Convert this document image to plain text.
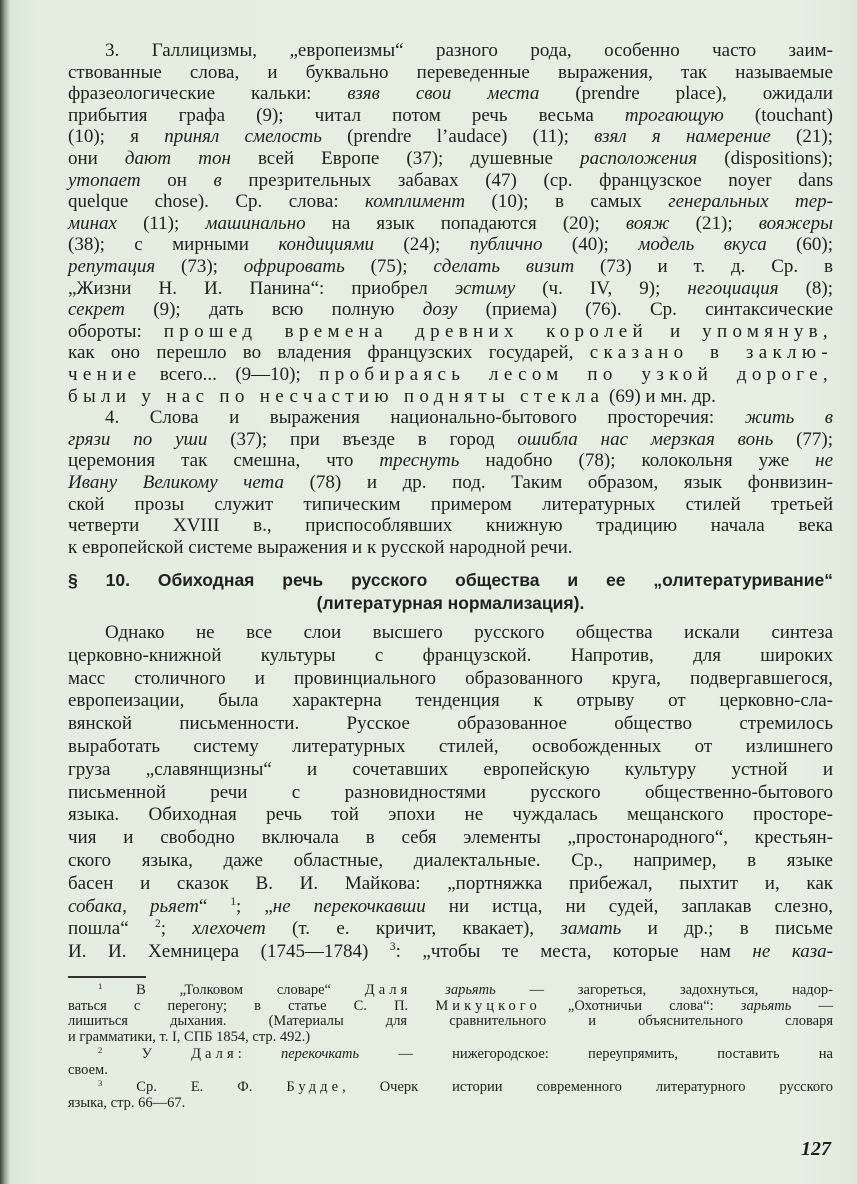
3. Галлицизмы, „европеизмы“ разного рода, особенно часто заим-
ствованные слова, и буквально переведенные выражения, так называемые
фразеологические кальки: взяв свои места (prendre place), ожидали
прибытия графа (9); читал потом речь весьма трогающую (touchant)
(10); я принял смелость (prendre l’audace) (11); взял я намерение (21);
они дают тон всей Европе (37); душевные расположения (dispositions);
утопает он в презрительных забавах (47) (ср. французское noyer dans
quelque chose). Ср. слова: комплимент (10); в самых генеральных тер-
минах (11); машинально на язык попадаются (20); вояж (21); вояжеры
(38); с мирными кондициями (24); публично (40); модель вкуса (60);
репутация (73); офрировать (75); сделать визит (73) и т. д. Ср. в
„Жизни Н. И. Панина“: приобрел эстиму (ч. IV, 9); негоциация (8);
секрет (9); дать всю полную дозу (приема) (76). Ср. синтаксические
обороты: прошед времена древних королей и упомянув,
как оно перешло во владения французских государей, сказано в заклю-
чение всего... (9—10); пробираясь лесом по узкой дороге,
были у нас по несчастию подняты стекла (69) и мн. др.
4. Слова и выражения национально-бытового просторечия: жить в
грязи по уши (37); при въезде в город ошибла нас мерзкая вонь (77);
церемония так смешна, что треснуть надобно (78); колокольня уже не
Ивану Великому чета (78) и др. под. Таким образом, язык фонвизин-
ской прозы служит типическим примером литературных стилей третьей
четверти XVIII в., приспособлявших книжную традицию начала века
к европейской системе выражения и к русской народной речи.
§ 10. Обиходная речь русского общества и ее „олитературивание“
(литературная нормализация).
Однако не все слои высшего русского общества искали синтеза
церковно-книжной культуры с французской. Напротив, для широких
масс столичного и провинциального образованного круга, подвергавшегося,
европеизации, была характерна тенденция к отрыву от церковно-сла-
вянской письменности. Русское образованное общество стремилось
выработать систему литературных стилей, освобожденных от излишнего
груза „славянщизны“ и сочетавших европейскую культуру устной и
письменной речи с разновидностями русского общественно-бытового
языка. Обиходная речь той эпохи не чуждалась мещанского просторе-
чия и свободно включала в себя элементы „простонародного“, крестьян-
ского языка, даже областные, диалектальные. Ср., например, в языке
басен и сказок В. И. Майкова: „портняжка прибежал, пыхтит и, как
собака, рьяет“ $^1$; „не перекочкавши ни истца, ни судей, заплакав слезно,
пошла“ $^2$; хлехочет (т. е. кричит, квакает), замать и др.; в письме
И. И. Хемницера (1745—1784) $^3$: „чтобы те места, которые нам не каза-
$^1$ В „Толковом словаре“ Даля зарьять — загореться, задохнуться, надор-
ваться с перегону; в статье С. П. Микуцкого „Охотничьи слова“: зарьять —
лишиться дыхания. (Материалы для сравнительного и объяснительного словаря
и грамматики, т. I, СПБ 1854, стр. 492.)
$^2$ У Даля: перекочкать — нижегородское: переупрямить, поставить на
своем.
$^3$ Ср. Е. Ф. Будде, Очерк истории современного литературного русского
языка, стр. 66—67.
127
